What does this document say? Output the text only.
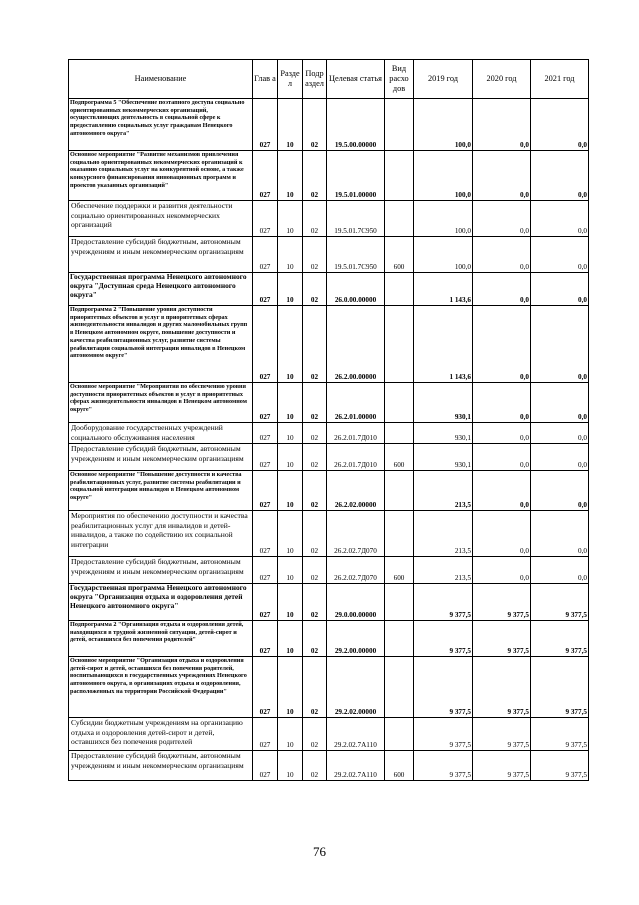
Наименование	Глав а	Разде л	Подр аздел	Целевая статья	Вид расхо дов	2019 год	2020 год	2021 год
Подпрограмма 5 "Обеспечение поэтапного доступа социально ориентированных некоммерческих организаций, осуществляющих деятельность в социальной сфере к предоставлению социальных услуг гражданам Ненецкого автономного округа"	027	10	02	19.5.00.00000		100,0	0,0	0,0
Основное мероприятие "Развитие механизмов привлечения социально ориентированных некоммерческих организаций к оказанию социальных услуг на конкурентной основе, а также конкурсного финансирования инновационных программ и проектов указанных организаций"	027	10	02	19.5.01.00000		100,0	0,0	0,0
Обеспечение поддержки и развития деятельности социально ориентированных некоммерческих организаций	027	10	02	19.5.01.7С950		100,0	0,0	0,0
Предоставление субсидий бюджетным, автономным учреждениям и иным некоммерческим организациям	027	10	02	19.5.01.7С950	600	100,0	0,0	0,0
Государственная программа Ненецкого автономного округа "Доступная среда Ненецкого автономного округа"	027	10	02	26.0.00.00000		1 143,6	0,0	0,0
Подпрограмма 2 "Повышение уровня доступности приоритетных объектов и услуг в приоритетных сферах жизнедеятельности инвалидов и других маломобильных групп в Ненецком автономном округе, повышение доступности и качества реабилитационных услуг, развитие системы реабилитации социальной интеграции инвалидов в Ненецком автономном округе"	027	10	02	26.2.00.00000		1 143,6	0,0	0,0
Основное мероприятие "Мероприятия по обеспечению уровня доступности приоритетных объектов и услуг в приоритетных сферах жизнедеятельности инвалидов в Ненецком автономном округе"	027	10	02	26.2.01.00000		930,1	0,0	0,0
Дооборудование государственных учреждений социального обслуживания населения	027	10	02	26.2.01.7Д010		930,1	0,0	0,0
Предоставление субсидий бюджетным, автономным учреждениям и иным некоммерческим организациям	027	10	02	26.2.01.7Д010	600	930,1	0,0	0,0
Основное мероприятие "Повышение доступности и качества реабилитационных услуг, развитие системы реабилитации и социальной интеграции инвалидов в Ненецком автономном округе"	027	10	02	26.2.02.00000		213,5	0,0	0,0
Мероприятия по обеспечению доступности и качества реабилитационных услуг для инвалидов и детей-инвалидов, а также по содействию их социальной интеграции	027	10	02	26.2.02.7Д070		213,5	0,0	0,0
Предоставление субсидий бюджетным, автономным учреждениям и иным некоммерческим организациям	027	10	02	26.2.02.7Д070	600	213,5	0,0	0,0
Государственная программа Ненецкого автономного округа "Организация отдыха и оздоровления детей Ненецкого автономного округа"	027	10	02	29.0.00.00000		9 377,5	9 377,5	9 377,5
Подпрограмма 2 "Организация отдыха и оздоровления детей, находящихся в трудной жизненной ситуации, детей-сирот и детей, оставшихся без попечения родителей"	027	10	02	29.2.00.00000		9 377,5	9 377,5	9 377,5
Основное мероприятие "Организация отдыха и оздоровления детей-сирот и детей, оставшихся без попечения родителей, воспитывающихся в государственных учреждениях Ненецкого автономного округа, в организациях отдыха и оздоровления, расположенных на территории Российской Федерации"	027	10	02	29.2.02.00000		9 377,5	9 377,5	9 377,5
Субсидии бюджетным учреждениям на организацию отдыха и оздоровления детей-сирот и детей, оставшихся без попечения родителей	027	10	02	29.2.02.7А110		9 377,5	9 377,5	9 377,5
Предоставление субсидий бюджетным, автономным учреждениям и иным некоммерческим организациям	027	10	02	29.2.02.7А110	600	9 377,5	9 377,5	9 377,5
76
